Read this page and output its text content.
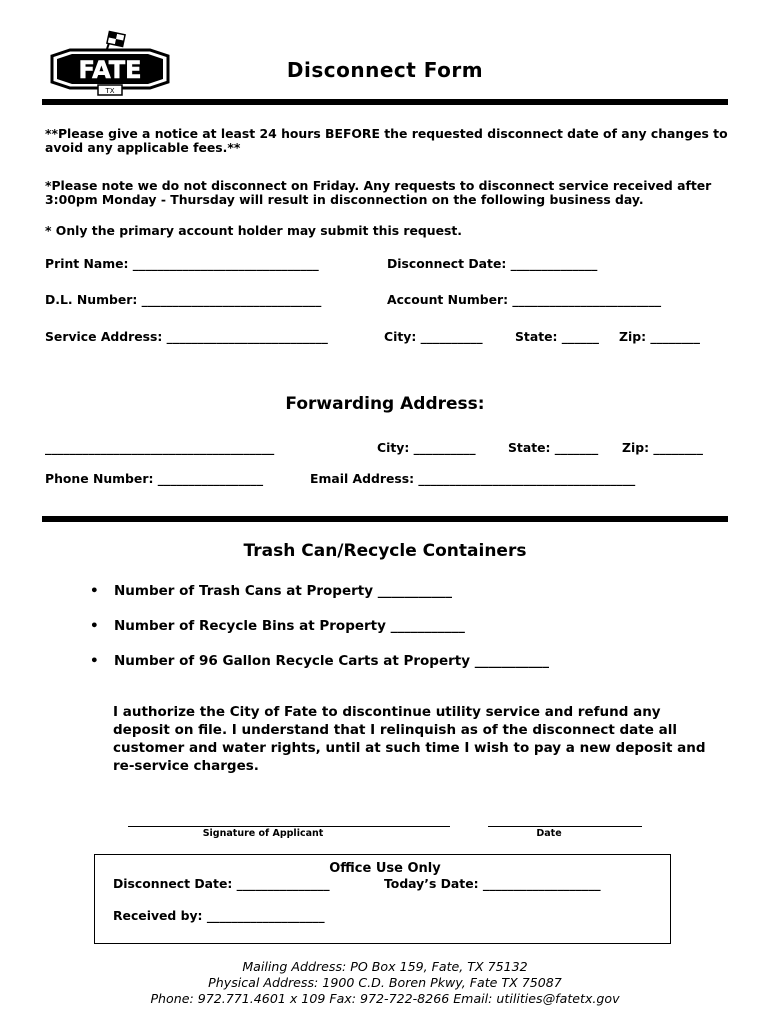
FATE
TX
Disconnect Form
**Please give a notice at least 24 hours BEFORE the requested disconnect date of any changes to avoid any applicable fees.**
*Please note we do not disconnect on Friday. Any requests to disconnect service received after 3:00pm Monday - Thursday will result in disconnection on the following business day.
* Only the primary account holder may submit this request.
Print Name: ______________________________	Disconnect Date: ______________
D.L. Number: _____________________________	Account Number: ________________________
Service Address: __________________________	City: __________	State: ______ Zip: ________
Forwarding Address:
_____________________________________	City: __________	State: _______ Zip: ________
Phone Number: _________________	Email Address: ___________________________________
Trash Can/Recycle Containers
• Number of Trash Cans at Property ___________
• Number of Recycle Bins at Property ___________
• Number of 96 Gallon Recycle Carts at Property ___________
I authorize the City of Fate to discontinue utility service and refund any deposit on file. I understand that I relinquish as of the disconnect date all customer and water rights, until at such time I wish to pay a new deposit and re-service charges.
Signature of Applicant	Date
Office Use Only
Disconnect Date: _______________	Today’s Date: ___________________
Received by: ___________________
Mailing Address: PO Box 159, Fate, TX 75132
Physical Address: 1900 C.D. Boren Pkwy, Fate TX 75087
Phone: 972.771.4601 x 109 Fax: 972-722-8266 Email: utilities@fatetx.gov
